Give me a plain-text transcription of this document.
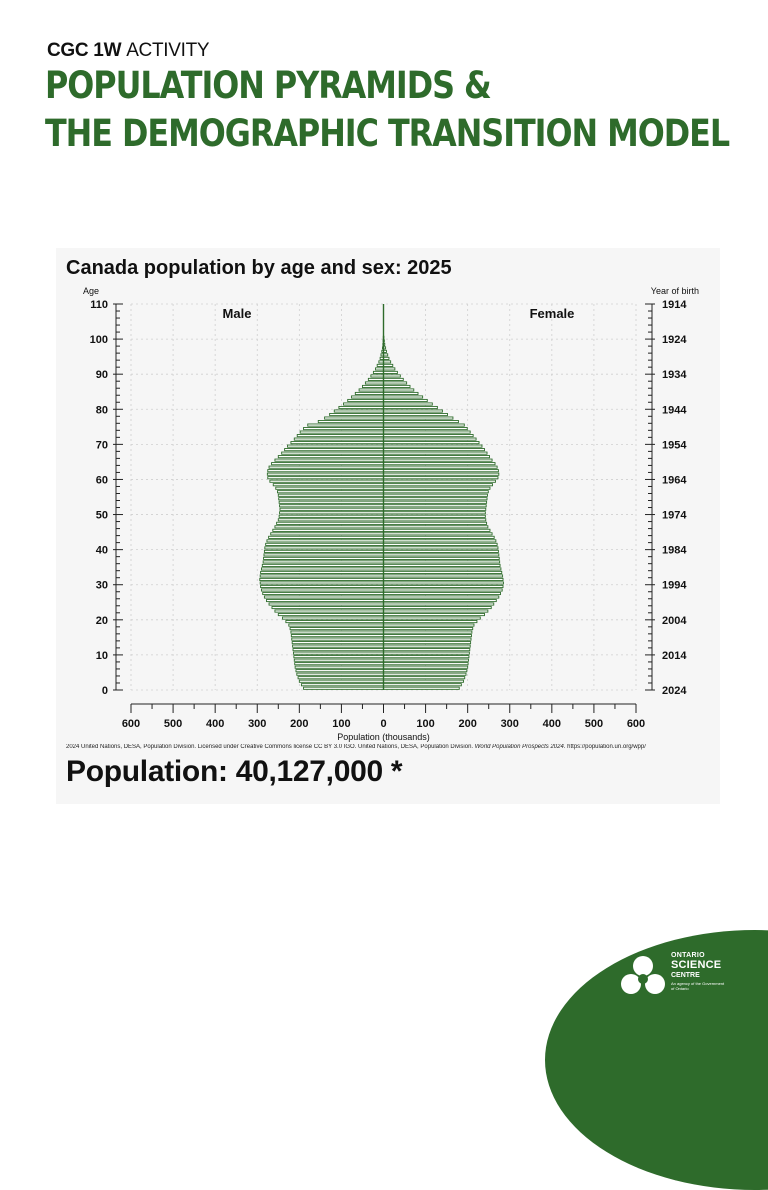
CGC 1W ACTIVITY
POPULATION PYRAMIDS &
THE DEMOGRAPHIC TRANSITION MODEL
0	2024
10	2014
20	2004
30	1994
40	1984
50	1974
60	1964
70	1954
80	1944
90	1934
100	1924
110	1914
Age	Year of birth
600 500 400 300 200 100	0	100 200 300 400 500 600
Population (thousands)
Male	Female
Canada population by age and sex: 2025
2024 United Nations, DESA, Population Division. Licensed under Creative Commons license CC BY 3.0 IGO. United Nations, DESA, Population Division. World Population Prospects 2024. https://population.un.org/wpp/
Population: 40,127,000 *
ONTARIO
SCIENCE
CENTRE
An agency of the Government of Ontario
